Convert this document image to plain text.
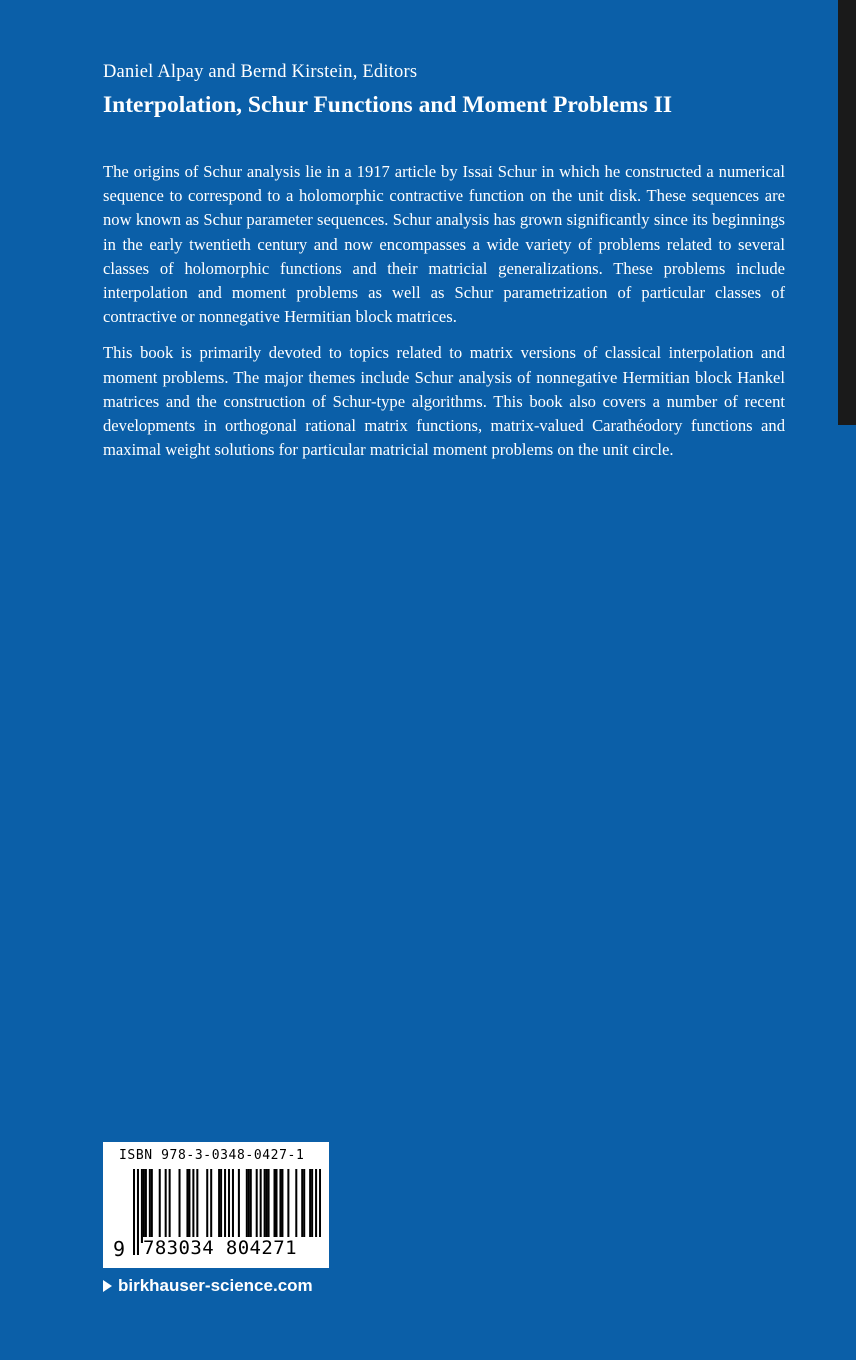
Daniel Alpay and Bernd Kirstein, Editors
Interpolation, Schur Functions and Moment Problems II

The origins of Schur analysis lie in a 1917 article by Issai Schur in which he constructed a numerical sequence to correspond to a holomorphic contractive function on the unit disk. These sequences are now known as Schur parameter sequences. Schur analysis has grown significantly since its beginnings in the early twentieth century and now encompasses a wide variety of problems related to several classes of holomorphic functions and their matricial generalizations. These problems include interpolation and moment problems as well as Schur parametrization of particular classes of contractive or nonnegative Hermitian block matrices.

This book is primarily devoted to topics related to matrix versions of classical interpolation and moment problems. The major themes include Schur analysis of nonnegative Hermitian block Hankel matrices and the construction of Schur-type algorithms. This book also covers a number of recent developments in orthogonal rational matrix functions, matrix-valued Carathéodory functions and maximal weight solutions for particular matricial moment problems on the unit circle.

ISBN 978-3-0348-0427-1
9 783034 804271
birkhauser-science.com
